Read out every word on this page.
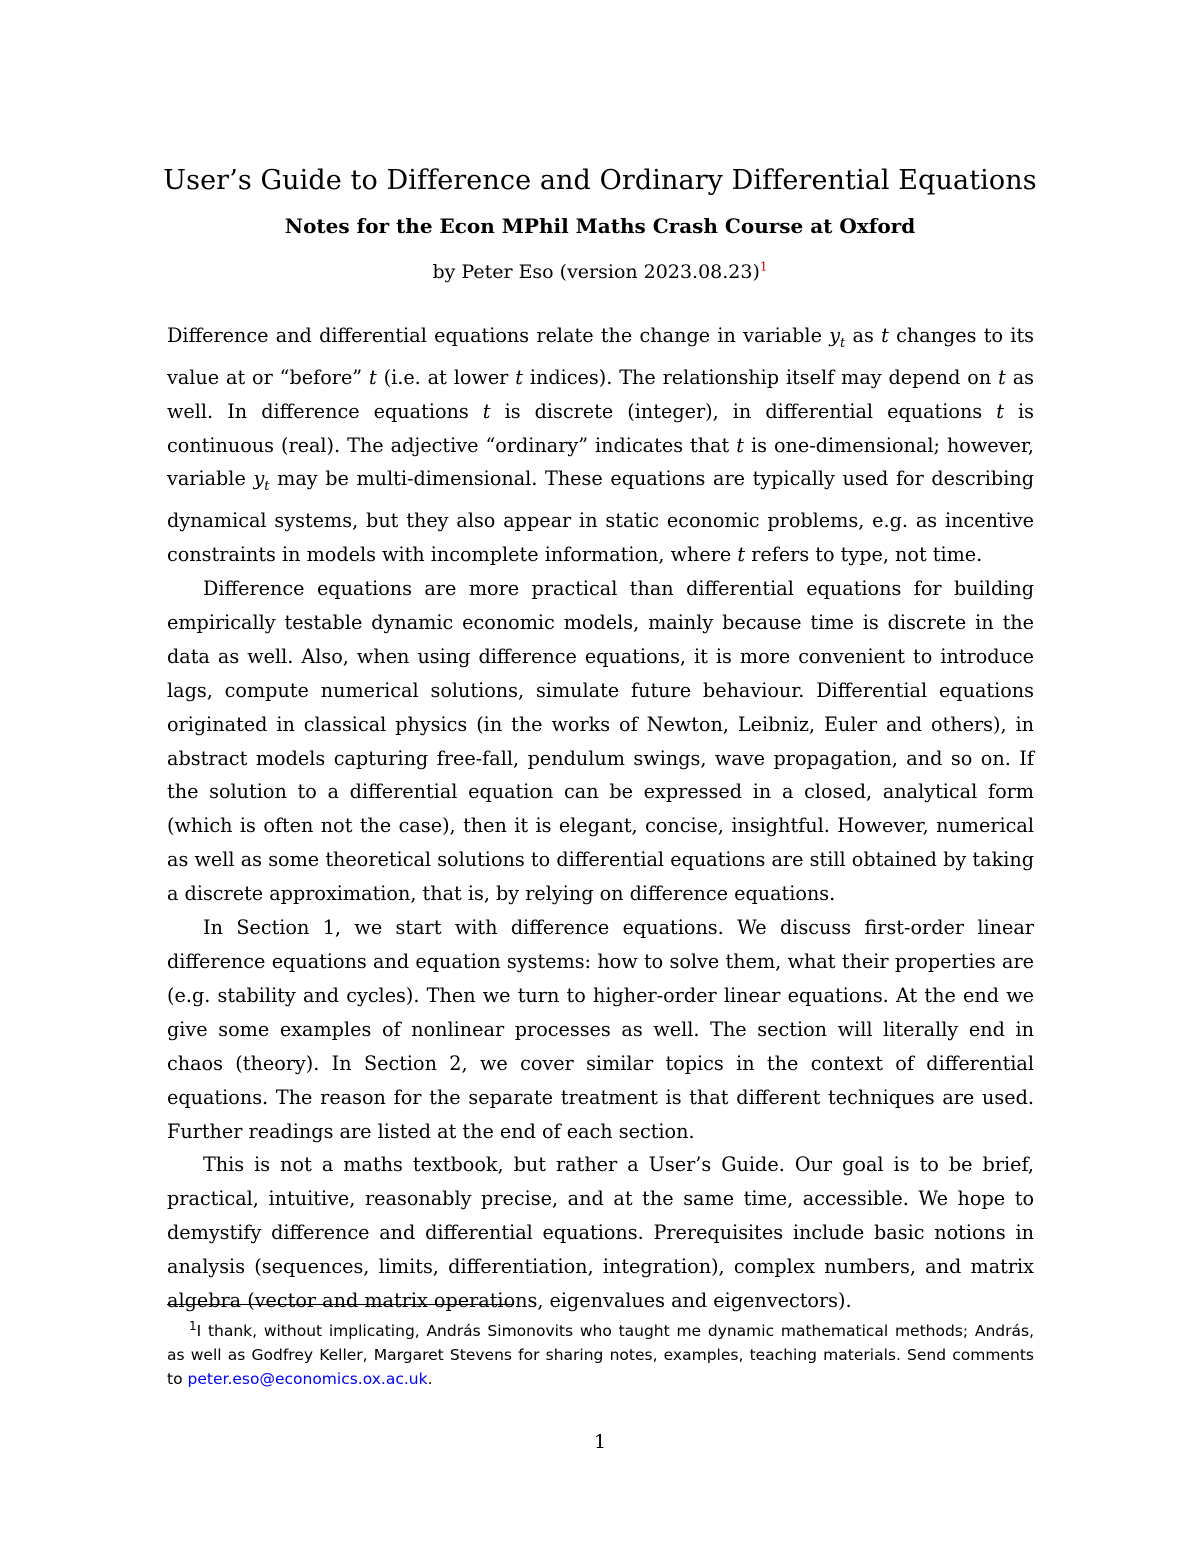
User’s Guide to Difference and Ordinary Differential Equations
Notes for the Econ MPhil Maths Crash Course at Oxford
by Peter Eso (version 2023.08.23)$^1$

Difference and differential equations relate the change in variable $y_t$ as t changes to its value at or “before” t (i.e. at lower t indices). The relationship itself may depend on t as well. In difference equations t is discrete (integer), in differential equations t is continuous (real). The adjective “ordinary” indicates that t is one-dimensional; however, variable $y_t$ may be multi-dimensional. These equations are typically used for describing dynamical systems, but they also appear in static economic problems, e.g. as incentive constraints in models with incomplete information, where t refers to type, not time.

Difference equations are more practical than differential equations for building empirically testable dynamic economic models, mainly because time is discrete in the data as well. Also, when using difference equations, it is more convenient to introduce lags, compute numerical solutions, simulate future behaviour. Differential equations originated in classical physics (in the works of Newton, Leibniz, Euler and others), in abstract models capturing free-fall, pendulum swings, wave propagation, and so on. If the solution to a differential equation can be expressed in a closed, analytical form (which is often not the case), then it is elegant, concise, insightful. However, numerical as well as some theoretical solutions to differential equations are still obtained by taking a discrete approximation, that is, by relying on difference equations.

In Section 1, we start with difference equations. We discuss first-order linear difference equations and equation systems: how to solve them, what their properties are (e.g. stability and cycles). Then we turn to higher-order linear equations. At the end we give some examples of nonlinear processes as well. The section will literally end in chaos (theory). In Section 2, we cover similar topics in the context of differential equations. The reason for the separate treatment is that different techniques are used. Further readings are listed at the end of each section.

This is not a maths textbook, but rather a User’s Guide. Our goal is to be brief, practical, intuitive, reasonably precise, and at the same time, accessible. We hope to demystify difference and differential equations. Prerequisites include basic notions in analysis (sequences, limits, differentiation, integration), complex numbers, and matrix algebra (vector and matrix operations, eigenvalues and eigenvectors).

$^1$I thank, without implicating, András Simonovits who taught me dynamic mathematical methods; András, as well as Godfrey Keller, Margaret Stevens for sharing notes, examples, teaching materials. Send comments to peter.eso@economics.ox.ac.uk.
1
